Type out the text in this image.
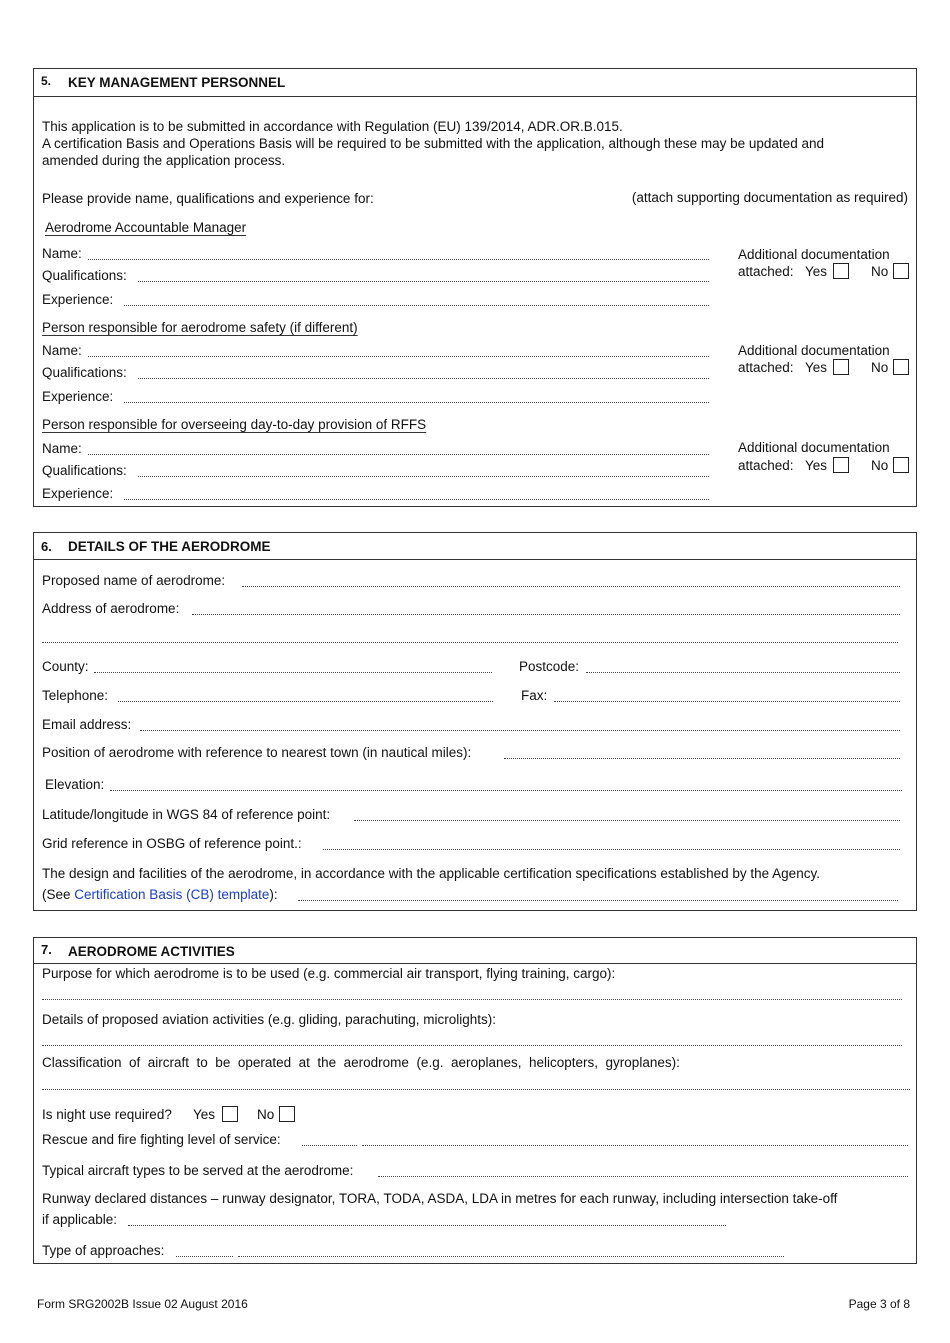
5. KEY MANAGEMENT PERSONNEL
This application is to be submitted in accordance with Regulation (EU) 139/2014, ADR.OR.B.015.
A certification Basis and Operations Basis will be required to be submitted with the application, although these may be updated and
amended during the application process.
Please provide name, qualifications and experience for:	(attach supporting documentation as required)
Aerodrome Accountable Manager
Name:
Qualifications:
Experience:
Additional documentation
attached: Yes	No
Person responsible for aerodrome safety (if different)
Name:
Qualifications:
Experience:
Additional documentation
attached: Yes	No
Person responsible for overseeing day-to-day provision of RFFS
Name:
Qualifications:
Experience:
Additional documentation
attached: Yes	No
6. DETAILS OF THE AERODROME
Proposed name of aerodrome:
Address of aerodrome:
County:	Postcode:
Telephone:	Fax:
Email address:
Position of aerodrome with reference to nearest town (in nautical miles):
Elevation:
Latitude/longitude in WGS 84 of reference point:
Grid reference in OSBG of reference point.:
The design and facilities of the aerodrome, in accordance with the applicable certification specifications established by the Agency.
(See Certification Basis (CB) template):
7. AERODROME ACTIVITIES
Purpose for which aerodrome is to be used (e.g. commercial air transport, flying training, cargo):
Details of proposed aviation activities (e.g. gliding, parachuting, microlights):
Classification  of  aircraft  to  be  operated  at  the  aerodrome  (e.g.  aeroplanes,  helicopters,  gyroplanes):
Is night use required? Yes	No
Rescue and fire fighting level of service:
Typical aircraft types to be served at the aerodrome:
Runway declared distances – runway designator, TORA, TODA, ASDA, LDA in metres for each runway, including intersection take-off
if applicable:
Type of approaches:
Form SRG2002B Issue 02 August 2016	Page 3 of 8
